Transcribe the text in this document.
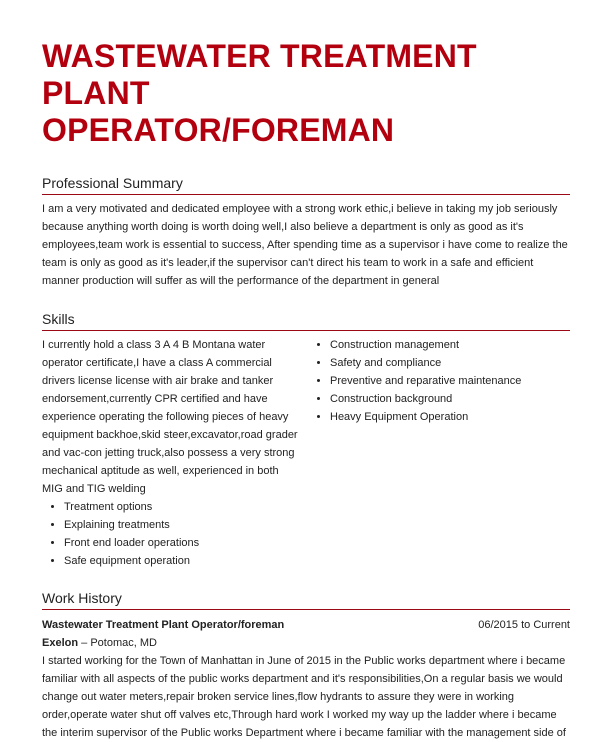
WASTEWATER TREATMENT PLANT
OPERATOR/FOREMAN
Professional Summary
I am a very motivated and dedicated employee with a strong work ethic,i believe in taking my job seriously because anything worth doing is worth doing well,I also believe a department is only as good as it's employees,team work is essential to success, After spending time as a supervisor i have come to realize the team is only as good as it's leader,if the supervisor can't direct his team to work in a safe and efficient manner production will suffer as will the performance of the department in general
Skills
I currently hold a class 3 A 4 B Montana water operator certificate,I have a class A commercial drivers license license with air brake and tanker endorsement,currently CPR certified and have experience operating the following pieces of heavy equipment backhoe,skid steer,excavator,road grader and vac-con jetting truck,also possess a very strong mechanical aptitude as well, experienced in both MIG and TIG welding
• Treatment options
• Explaining treatments
• Front end loader operations
• Safe equipment operation
• Construction management
• Safety and compliance
• Preventive and reparative maintenance
• Construction background
• Heavy Equipment Operation
Work History
Wastewater Treatment Plant Operator/foreman	06/2015 to Current
Exelon – Potomac, MD
I started working for the Town of Manhattan in June of 2015 in the Public works department where i became familiar with all aspects of the public works department and it's responsibilities,On a regular basis we would change out water meters,repair broken service lines,flow hydrants to assure they were in working order,operate water shut off valves etc,Through hard work I worked my way up the ladder where i became the interim supervisor of the Public works Department where i became familiar with the management side of
